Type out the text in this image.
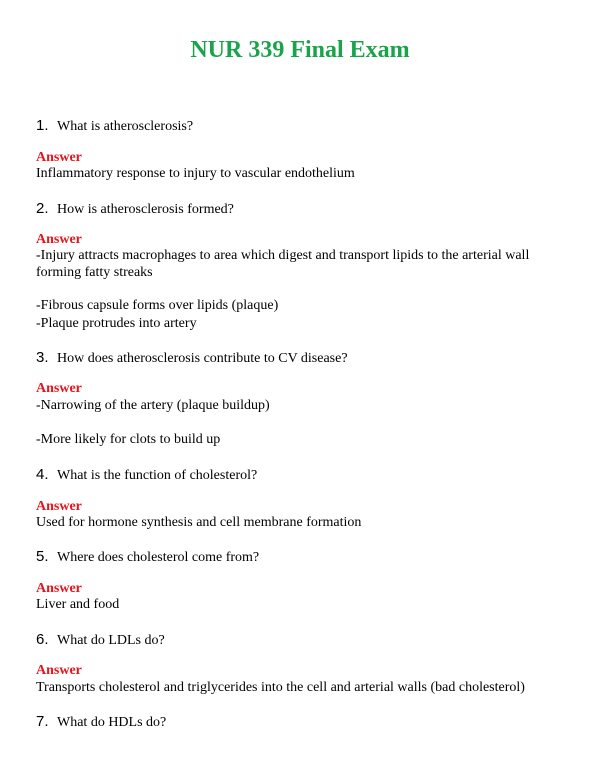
NUR 339 Final Exam
1. What is atherosclerosis?
Answer
Inflammatory response to injury to vascular endothelium
2. How is atherosclerosis formed?
Answer
-Injury attracts macrophages to area which digest and transport lipids to the arterial wall forming fatty streaks
-Fibrous capsule forms over lipids (plaque)
-Plaque protrudes into artery
3. How does atherosclerosis contribute to CV disease?
Answer
-Narrowing of the artery (plaque buildup)
-More likely for clots to build up
4. What is the function of cholesterol?
Answer
Used for hormone synthesis and cell membrane formation
5. Where does cholesterol come from?
Answer
Liver and food
6. What do LDLs do?
Answer
Transports cholesterol and triglycerides into the cell and arterial walls (bad cholesterol)
7. What do HDLs do?
